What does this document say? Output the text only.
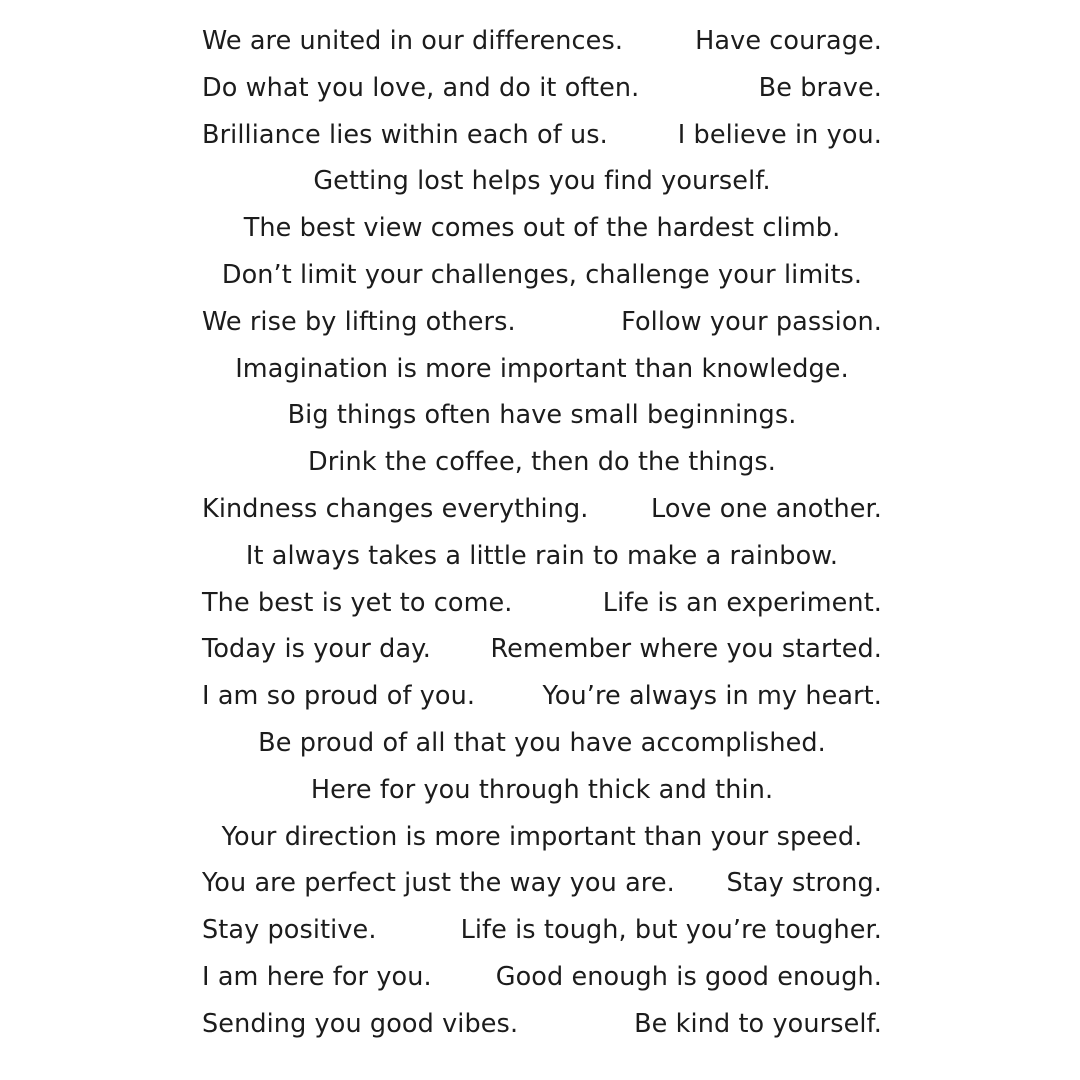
We are united in our differences.	Have courage.
Do what you love, and do it often.	Be brave.
Brilliance lies within each of us.	I believe in you.
Getting lost helps you find yourself.
The best view comes out of the hardest climb.
Don’t limit your challenges, challenge your limits.
We rise by lifting others.	Follow your passion.
Imagination is more important than knowledge.
Big things often have small beginnings.
Drink the coffee, then do the things.
Kindness changes everything. Love one another.
It always takes a little rain to make a rainbow.
The best is yet to come.	Life is an experiment.
Today is your day. Remember where you started.
I am so proud of you.	You’re always in my heart.
Be proud of all that you have accomplished.
Here for you through thick and thin.
Your direction is more important than your speed.
You are perfect just the way you are. Stay strong.
Stay positive.	Life is tough, but you’re tougher.
I am here for you.	Good enough is good enough.
Sending you good vibes.	Be kind to yourself.
